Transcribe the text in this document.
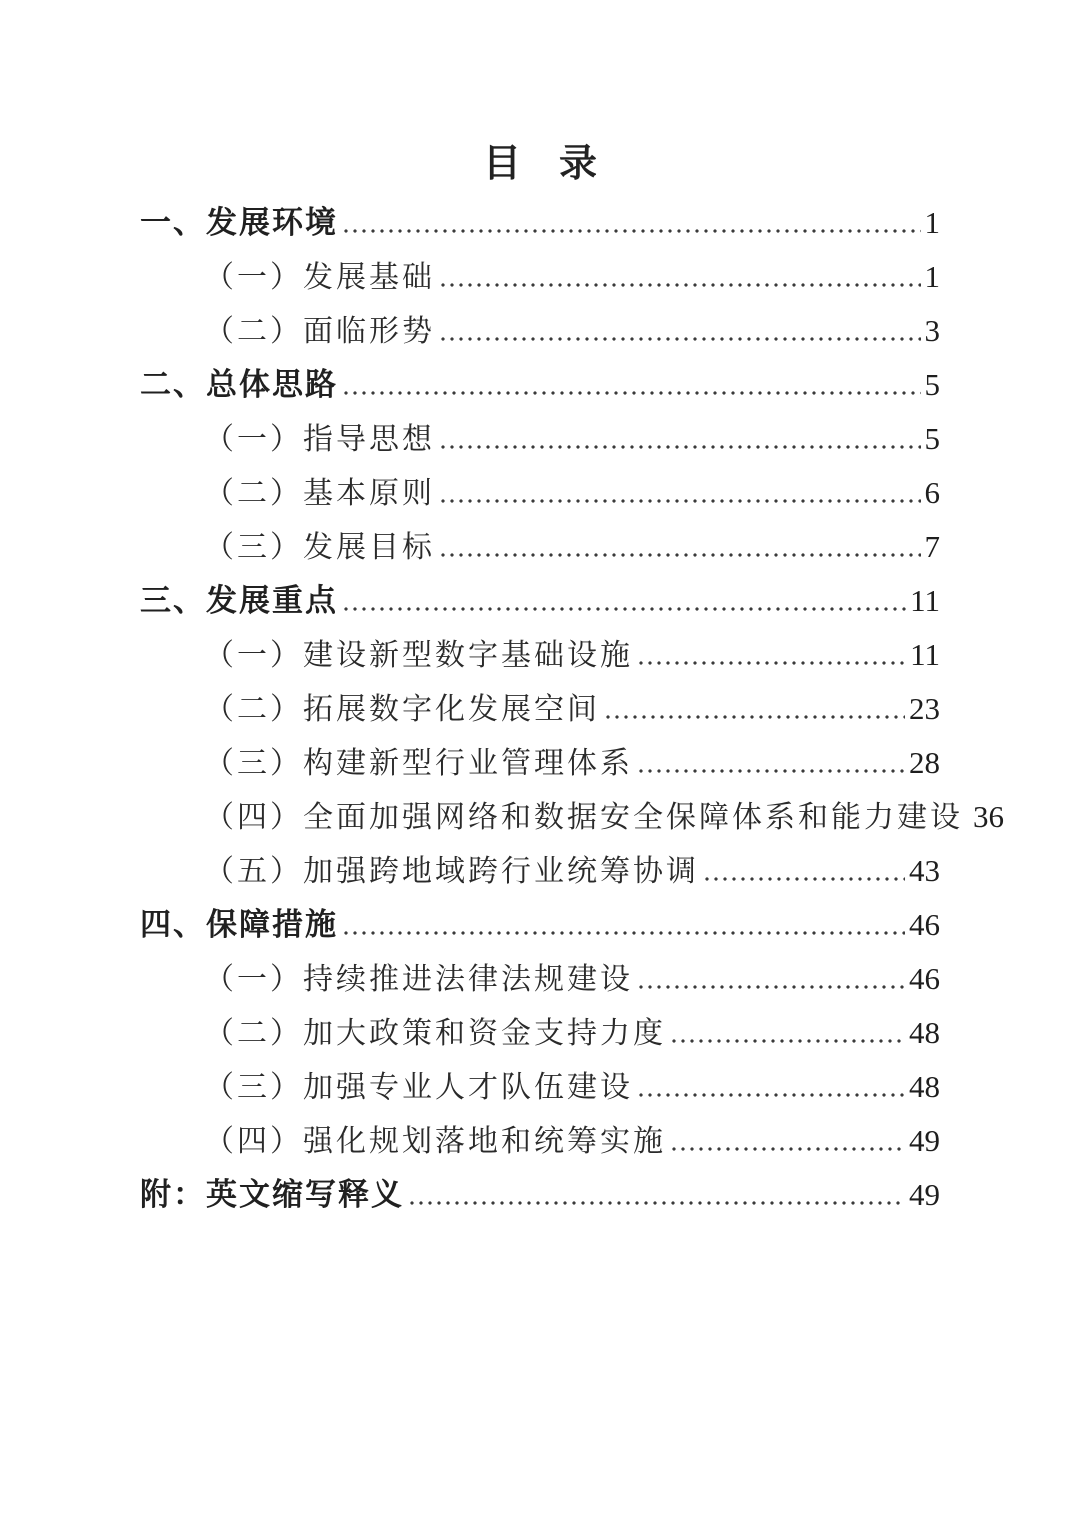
目　录
一、发展环境	1
（一）发展基础	1
（二）面临形势	3
二、总体思路	5
（一）指导思想	5
（二）基本原则	6
（三）发展目标	7
三、发展重点	11
（一）建设新型数字基础设施	11
（二）拓展数字化发展空间	23
（三）构建新型行业管理体系	28
（四）全面加强网络和数据安全保障体系和能力建设 36
（五）加强跨地域跨行业统筹协调	43
四、保障措施	46
（一）持续推进法律法规建设	46
（二）加大政策和资金支持力度	48
（三）加强专业人才队伍建设	48
（四）强化规划落地和统筹实施	49
附：英文缩写释义	49
